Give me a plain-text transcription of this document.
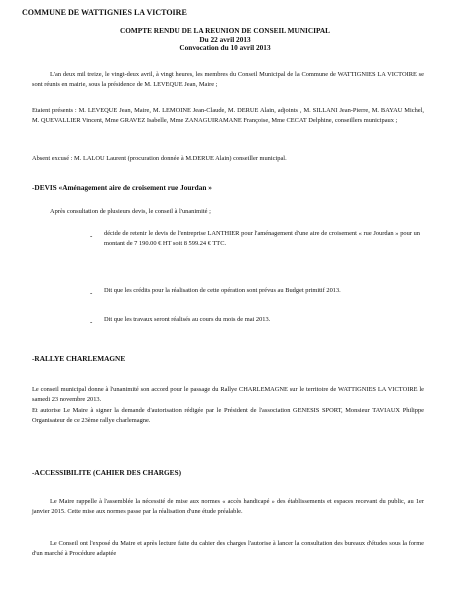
COMMUNE DE WATTIGNIES LA VICTOIRE
COMPTE RENDU DE LA REUNION DE CONSEIL MUNICIPAL
Du 22 avril 2013
Convocation du 10 avril 2013
L'an deux mil treize, le vingt-deux avril, à vingt heures, les membres du Conseil Municipal de la Commune de WATTIGNIES LA VICTOIRE se sont réunis en mairie, sous la présidence de M. LEVEQUE Jean, Maire ;
Etaient présents : M. LEVEQUE Jean, Maire, M. LEMOINE Jean-Claude, M. DERUE Alain, adjoints , M. SILLANI Jean-Pierre, M. BAYAU Michel, M. QUEVALLIER Vincent, Mme GRAVEZ Isabelle, Mme ZANAGUIRAMANE Françoise, Mme CECAT Delphine, conseillers municipaux ;
Absent excusé : M. LALOU Laurent (procuration donnée à M.DERUE Alain) conseiller municipal.
-DEVIS «Aménagement aire de croisement rue Jourdan »
Après consultation de plusieurs devis, le conseil à l'unanimité ;
- décide de retenir le devis de l'entreprise LANTHIER pour l'aménagement d'une aire de croisement « rue Jourdan » pour un montant de 7 190.00 € HT soit 8 599.24 € TTC.
- Dit que les crédits pour la réalisation de cette opération sont prévus au Budget primitif 2013.
- Dit que les travaux seront réalisés au cours du mois de mai 2013.
-RALLYE CHARLEMAGNE
Le conseil municipal donne à l'unanimité son accord pour le passage du Rallye CHARLEMAGNE sur le territoire de WATTIGNIES LA VICTOIRE le samedi 23 novembre 2013.
Et autorise Le Maire à signer la demande d'autorisation rédigée par le Président de l'association GENESIS SPORT, Monsieur TAVIAUX Philippe Organisateur de ce 23ème rallye charlemagne.
-ACCESSIBILITE (CAHIER DES CHARGES)
Le Maire rappelle à l'assemblée la nécessité de mise aux normes « accès handicapé » des établissements et espaces recevant du public, au 1er janvier 2015. Cette mise aux normes passe par la réalisation d'une étude préalable.
Le Conseil ont l'exposé du Maire et après lecture faite du cahier des charges l'autorise à lancer la consultation des bureaux d'études sous la forme d'un marché à Procédure adaptée
